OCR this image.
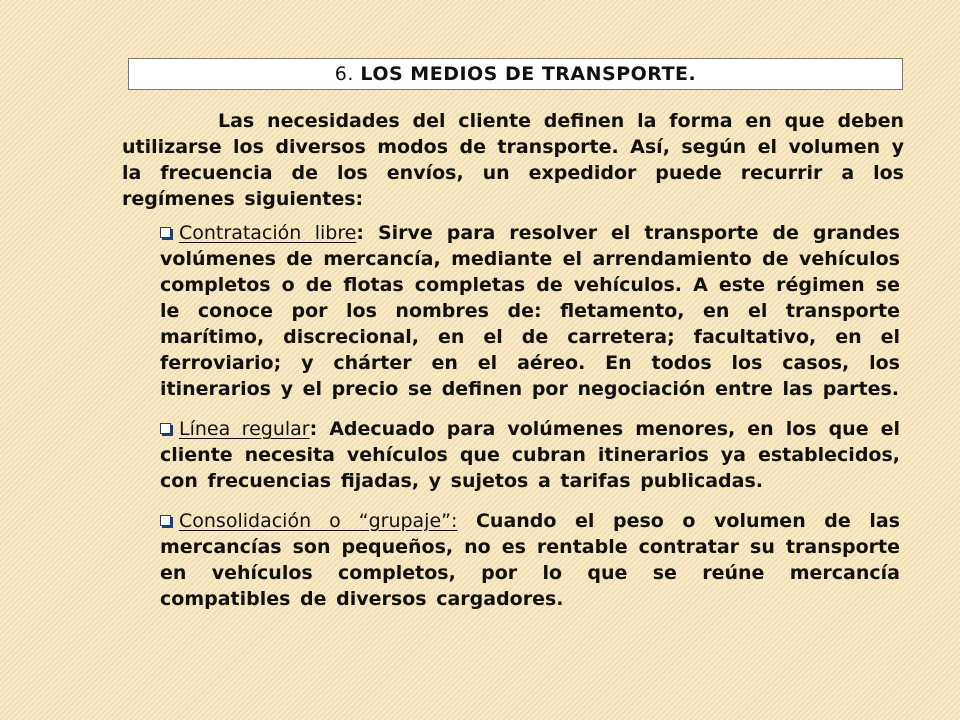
6. LOS MEDIOS DE TRANSPORTE.

Las necesidades del cliente definen la forma en que deben utilizarse los diversos modos de transporte. Así, según el volumen y la frecuencia de los envíos, un expedidor puede recurrir a los regímenes siguientes:

Contratación libre: Sirve para resolver el transporte de grandes volúmenes de mercancía, mediante el arrendamiento de vehículos completos o de flotas completas de vehículos. A este régimen se le conoce por los nombres de: fletamento, en el transporte marítimo, discrecional, en el de carretera; facultativo, en el ferroviario; y chárter en el aéreo. En todos los casos, los itinerarios y el precio se definen por negociación entre las partes.
Línea regular: Adecuado para volúmenes menores, en los que el cliente necesita vehículos que cubran itinerarios ya establecidos, con frecuencias fijadas, y sujetos a tarifas publicadas.
Consolidación o “grupaje”: Cuando el peso o volumen de las mercancías son pequeños, no es rentable contratar su transporte en vehículos completos, por lo que se reúne mercancía compatibles de diversos cargadores.
